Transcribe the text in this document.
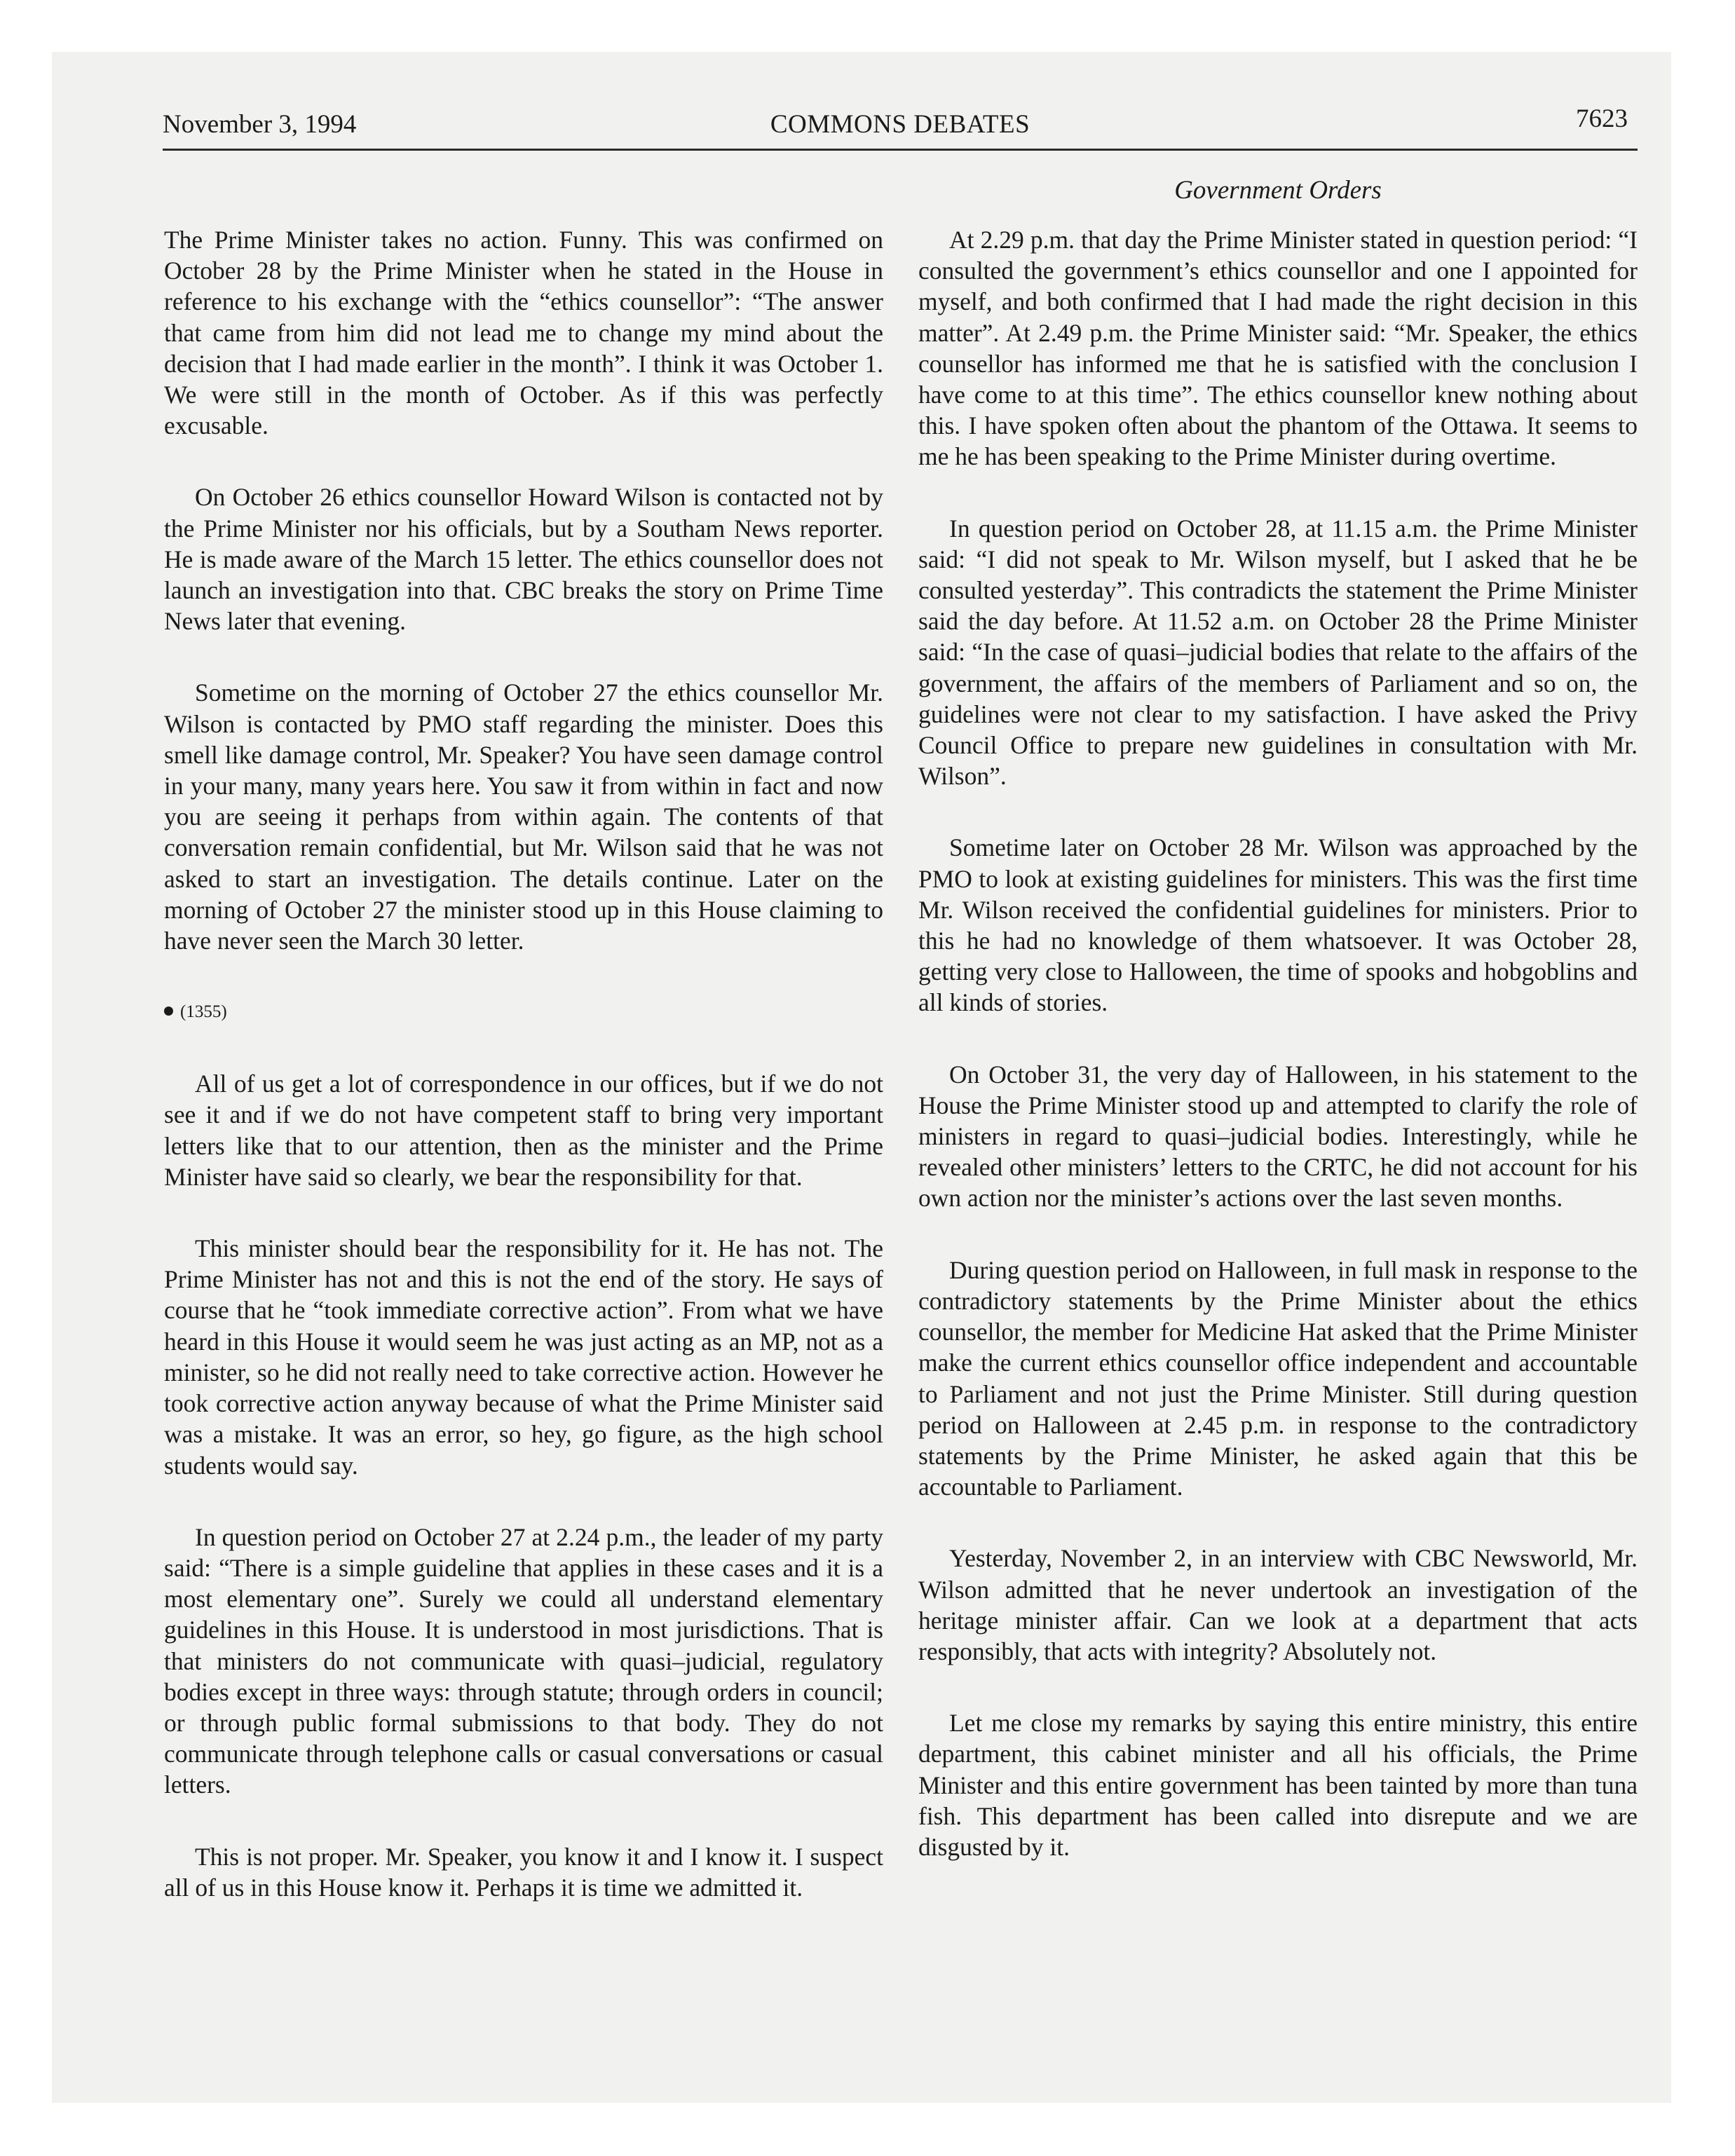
November 3, 1994	COMMONS DEBATES	7623
Government Orders

The Prime Minister takes no action. Funny. This was confirmed on October 28 by the Prime Minister when he stated in the House in reference to his exchange with the “ethics counsellor”: “The answer that came from him did not lead me to change my mind about the decision that I had made earlier in the month”. I think it was October 1. We were still in the month of October. As if this was perfectly excusable.

On October 26 ethics counsellor Howard Wilson is contacted not by the Prime Minister nor his officials, but by a Southam News reporter. He is made aware of the March 15 letter. The ethics counsellor does not launch an investigation into that. CBC breaks the story on Prime Time News later that evening.

Sometime on the morning of October 27 the ethics counsellor Mr. Wilson is contacted by PMO staff regarding the minister. Does this smell like damage control, Mr. Speaker? You have seen damage control in your many, many years here. You saw it from within in fact and now you are seeing it perhaps from within again. The contents of that conversation remain confidential, but Mr. Wilson said that he was not asked to start an investigation. The details continue. Later on the morning of October 27 the minister stood up in this House claiming to have never seen the March 30 letter.

(1355)

All of us get a lot of correspondence in our offices, but if we do not see it and if we do not have competent staff to bring very important letters like that to our attention, then as the minister and the Prime Minister have said so clearly, we bear the responsibility for that.

This minister should bear the responsibility for it. He has not. The Prime Minister has not and this is not the end of the story. He says of course that he “took immediate corrective action”. From what we have heard in this House it would seem he was just acting as an MP, not as a minister, so he did not really need to take corrective action. However he took corrective action anyway because of what the Prime Minister said was a mistake. It was an error, so hey, go figure, as the high school students would say.

In question period on October 27 at 2.24 p.m., the leader of my party said: “There is a simple guideline that applies in these cases and it is a most elementary one”. Surely we could all understand elementary guidelines in this House. It is understood in most jurisdictions. That is that ministers do not communicate with quasi–judicial, regulatory bodies except in three ways: through statute; through orders in council; or through public formal submissions to that body. They do not communicate through telephone calls or casual conversations or casual letters.

This is not proper. Mr. Speaker, you know it and I know it. I suspect all of us in this House know it. Perhaps it is time we admitted it.

At 2.29 p.m. that day the Prime Minister stated in question period: “I consulted the government’s ethics counsellor and one I appointed for myself, and both confirmed that I had made the right decision in this matter”. At 2.49 p.m. the Prime Minister said: “Mr. Speaker, the ethics counsellor has informed me that he is satisfied with the conclusion I have come to at this time”. The ethics counsellor knew nothing about this. I have spoken often about the phantom of the Ottawa. It seems to me he has been speaking to the Prime Minister during overtime.

In question period on October 28, at 11.15 a.m. the Prime Minister said: “I did not speak to Mr. Wilson myself, but I asked that he be consulted yesterday”. This contradicts the statement the Prime Minister said the day before. At 11.52 a.m. on October 28 the Prime Minister said: “In the case of quasi–judicial bodies that relate to the affairs of the government, the affairs of the members of Parliament and so on, the guidelines were not clear to my satisfaction. I have asked the Privy Council Office to prepare new guidelines in consultation with Mr. Wilson”.

Sometime later on October 28 Mr. Wilson was approached by the PMO to look at existing guidelines for ministers. This was the first time Mr. Wilson received the confidential guidelines for ministers. Prior to this he had no knowledge of them whatsoever. It was October 28, getting very close to Halloween, the time of spooks and hobgoblins and all kinds of stories.

On October 31, the very day of Halloween, in his statement to the House the Prime Minister stood up and attempted to clarify the role of ministers in regard to quasi–judicial bodies. Interestingly, while he revealed other ministers’ letters to the CRTC, he did not account for his own action nor the minister’s actions over the last seven months.

During question period on Halloween, in full mask in response to the contradictory statements by the Prime Minister about the ethics counsellor, the member for Medicine Hat asked that the Prime Minister make the current ethics counsellor office independent and accountable to Parliament and not just the Prime Minister. Still during question period on Halloween at 2.45 p.m. in response to the contradictory statements by the Prime Minister, he asked again that this be accountable to Parliament.

Yesterday, November 2, in an interview with CBC Newsworld, Mr. Wilson admitted that he never undertook an investigation of the heritage minister affair. Can we look at a department that acts responsibly, that acts with integrity? Absolutely not.

Let me close my remarks by saying this entire ministry, this entire department, this cabinet minister and all his officials, the Prime Minister and this entire government has been tainted by more than tuna fish. This department has been called into disrepute and we are disgusted by it.
